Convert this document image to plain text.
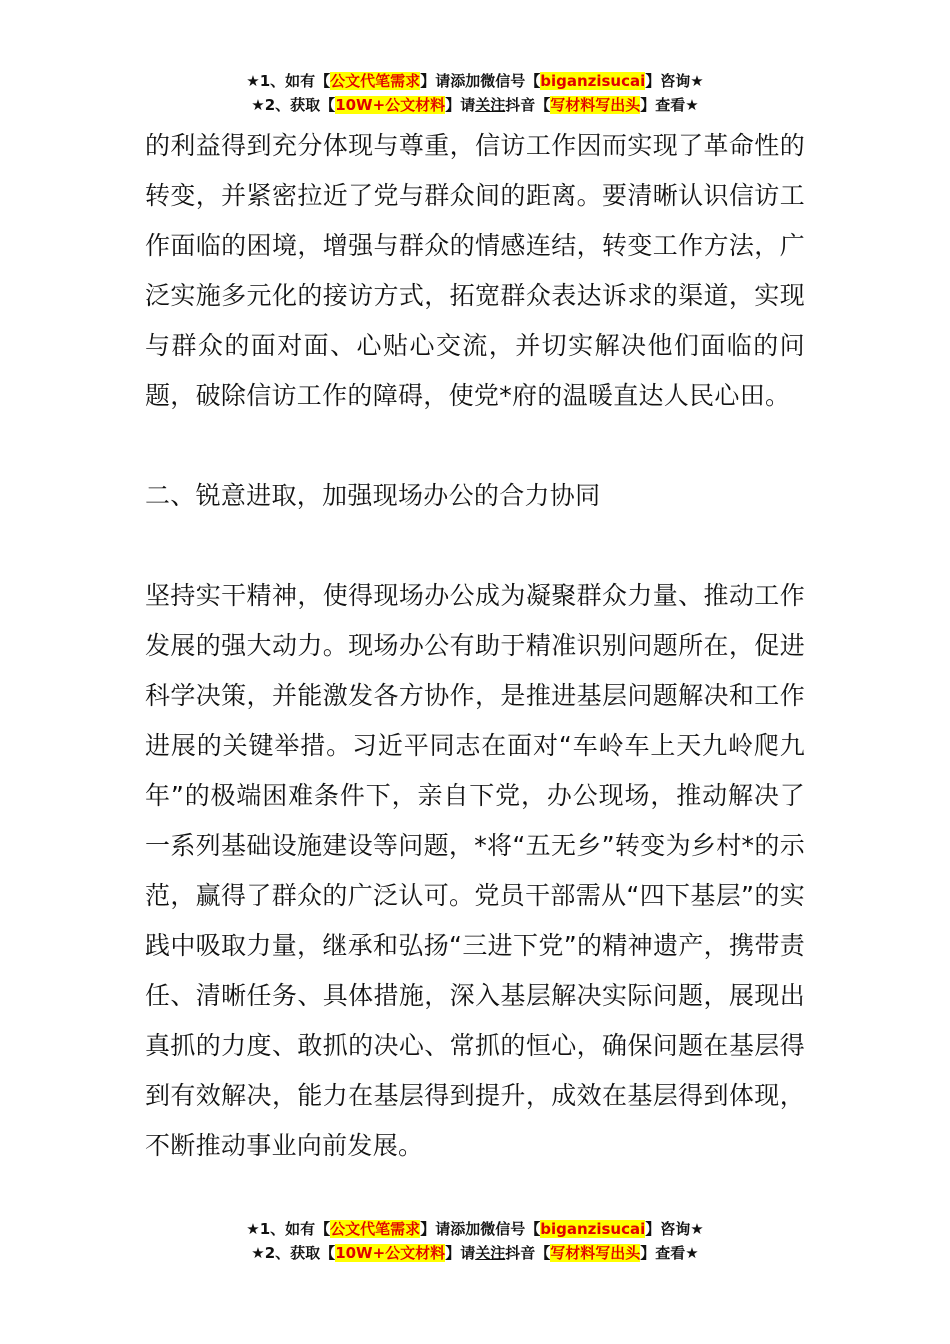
★1、如有【公文代笔需求】请添加微信号【biganzisucai】咨询★
★2、获取【10W+公文材料】请关注抖音【写材料写出头】查看★

的利益得到充分体现与尊重，信访工作因而实现了革命性的转变，并紧密拉近了党与群众间的距离。要清晰认识信访工作面临的困境，增强与群众的情感连结，转变工作方法，广泛实施多元化的接访方式，拓宽群众表达诉求的渠道，实现与群众的面对面、心贴心交流，并切实解决他们面临的问题，破除信访工作的障碍，使党*府的温暖直达人民心田。

二、锐意进取，加强现场办公的合力协同

坚持实干精神，使得现场办公成为凝聚群众力量、推动工作发展的强大动力。现场办公有助于精准识别问题所在，促进科学决策，并能激发各方协作，是推进基层问题解决和工作进展的关键举措。习近平同志在面对“车岭车上天九岭爬九年”的极端困难条件下，亲自下党，办公现场，推动解决了一系列基础设施建设等问题，*将“五无乡”转变为乡村*的示范，赢得了群众的广泛认可。党员干部需从“四下基层”的实践中吸取力量，继承和弘扬“三进下党”的精神遗产，携带责任、清晰任务、具体措施，深入基层解决实际问题，展现出真抓的力度、敢抓的决心、常抓的恒心，确保问题在基层得到有效解决，能力在基层得到提升，成效在基层得到体现，不断推动事业向前发展。

★1、如有【公文代笔需求】请添加微信号【biganzisucai】咨询★
★2、获取【10W+公文材料】请关注抖音【写材料写出头】查看★
